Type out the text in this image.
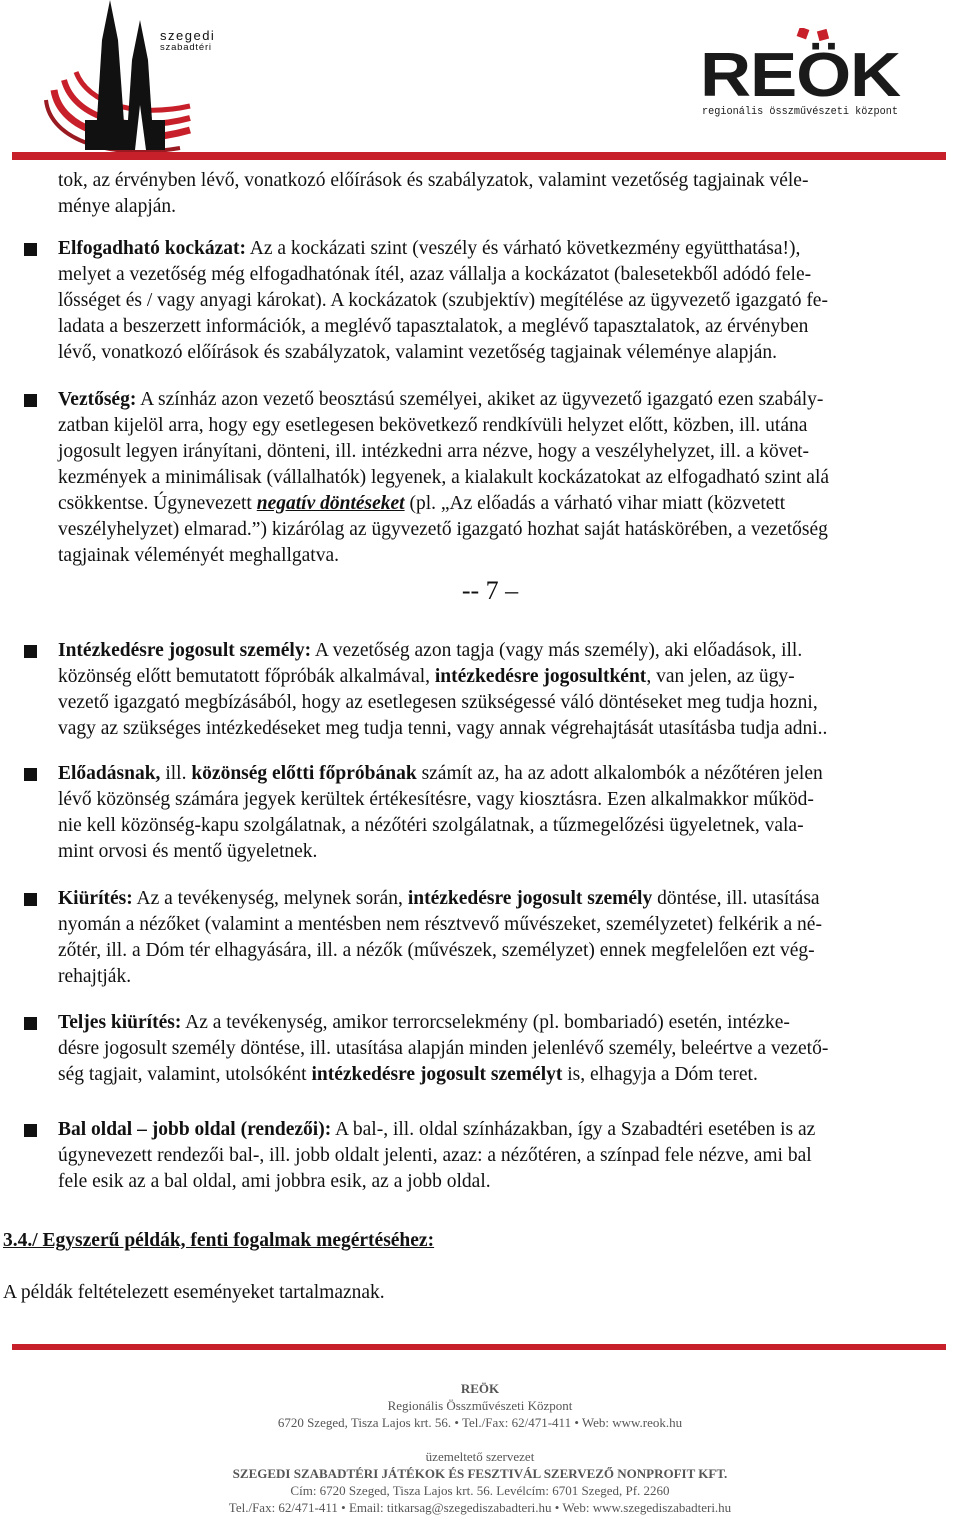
szegedi
szabadtéri	REÖK
regionális összművészeti központ
tok, az érvényben lévő, vonatkozó előírások és szabályzatok, valamint vezetőség tagjainak véle-
ménye alapján.
Elfogadható kockázat: Az a kockázati szint (veszély és várható következmény együtthatása!),
melyet a vezetőség még elfogadhatónak ítél, azaz vállalja a kockázatot (balesetekből adódó fele-
lősséget és / vagy anyagi károkat). A kockázatok (szubjektív) megítélése az ügyvezető igazgató fe-
ladata a beszerzett információk, a meglévő tapasztalatok, a meglévő tapasztalatok, az érvényben
lévő, vonatkozó előírások és szabályzatok, valamint vezetőség tagjainak véleménye alapján.
Veztőség: A színház azon vezető beosztású személyei, akiket az ügyvezető igazgató ezen szabály-
zatban kijelöl arra, hogy egy esetlegesen bekövetkező rendkívüli helyzet előtt, közben, ill. utána
jogosult legyen irányítani, dönteni, ill. intézkedni arra nézve, hogy a veszélyhelyzet, ill. a követ-
kezmények a minimálisak (vállalhatók) legyenek, a kialakult kockázatokat az elfogadható szint alá
csökkentse. Úgynevezett negatív döntéseket (pl. „Az előadás a várható vihar miatt (közvetett
veszélyhelyzet) elmarad.”) kizárólag az ügyvezető igazgató hozhat saját hatáskörében, a vezetőség
tagjainak véleményét meghallgatva.
-- 7 –
Intézkedésre jogosult személy: A vezetőség azon tagja (vagy más személy), aki előadások, ill.
közönség előtt bemutatott főpróbák alkalmával, intézkedésre jogosultként, van jelen, az ügy-
vezető igazgató megbízásából, hogy az esetlegesen szükségessé váló döntéseket meg tudja hozni,
vagy az szükséges intézkedéseket meg tudja tenni, vagy annak végrehajtását utasításba tudja adni..
Előadásnak, ill. közönség előtti főpróbának számít az, ha az adott alkalombók a nézőtéren jelen
lévő közönség számára jegyek kerültek értékesítésre, vagy kiosztásra. Ezen alkalmakkor működ-
nie kell közönség-kapu szolgálatnak, a nézőtéri szolgálatnak, a tűzmegelőzési ügyeletnek, vala-
mint orvosi és mentő ügyeletnek.
Kiürítés: Az a tevékenység, melynek során, intézkedésre jogosult személy döntése, ill. utasítása
nyomán a nézőket (valamint a mentésben nem résztvevő művészeket, személyzetet) felkérik a né-
zőtér, ill. a Dóm tér elhagyására, ill. a nézők (művészek, személyzet) ennek megfelelően ezt vég-
rehajtják.
Teljes kiürítés: Az a tevékenység, amikor terrorcselekmény (pl. bombariadó) esetén, intézke-
désre jogosult személy döntése, ill. utasítása alapján minden jelenlévő személy, beleértve a vezető-
ség tagjait, valamint, utolsóként intézkedésre jogosult személyt is, elhagyja a Dóm teret.
Bal oldal – jobb oldal (rendezői): A bal-, ill. oldal színházakban, így a Szabadtéri esetében is az
úgynevezett rendezői bal-, ill. jobb oldalt jelenti, azaz: a nézőtéren, a színpad fele nézve, ami bal
fele esik az a bal oldal, ami jobbra esik, az a jobb oldal.
3.4./ Egyszerű példák, fenti fogalmak megértéséhez:
A példák feltételezett eseményeket tartalmaznak.
REÖK
Regionális Összművészeti Központ
6720 Szeged, Tisza Lajos krt. 56. • Tel./Fax: 62/471-411 • Web: www.reok.hu
üzemeltető szervezet
SZEGEDI SZABADTÉRI JÁTÉKOK ÉS FESZTIVÁL SZERVEZŐ NONPROFIT KFT.
Cím: 6720 Szeged, Tisza Lajos krt. 56. Levélcím: 6701 Szeged, Pf. 2260
Tel./Fax: 62/471-411 • Email: titkarsag@szegediszabadteri.hu • Web: www.szegediszabadteri.hu
